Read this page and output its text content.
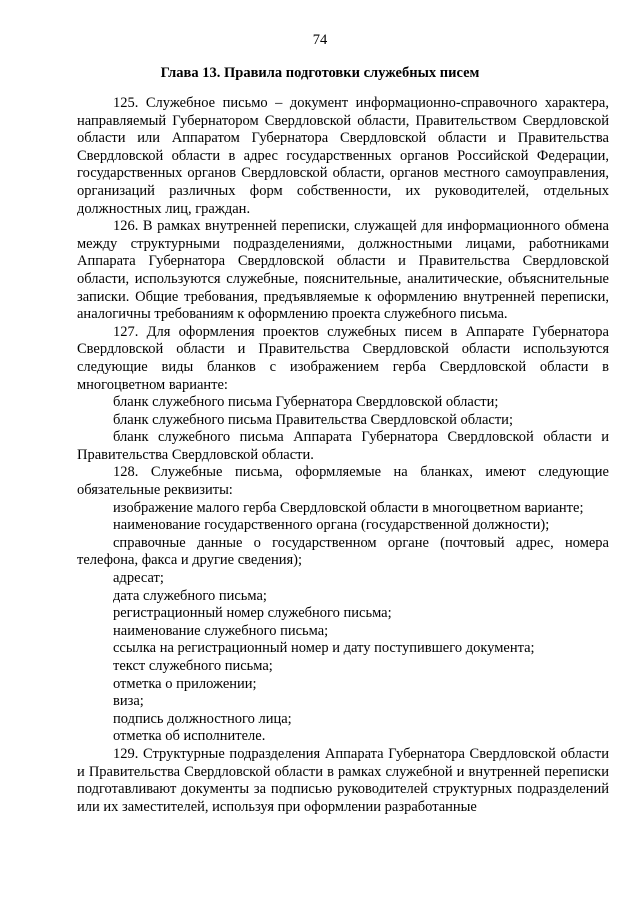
74
Глава 13. Правила подготовки служебных писем

125. Служебное письмо – документ информационно-справочного характера, направляемый Губернатором Свердловской области, Правительством Свердловской области или Аппаратом Губернатора Свердловской области и Правительства Свердловской области в адрес государственных органов Российской Федерации, государственных органов Свердловской области, органов местного самоуправления, организаций различных форм собственности, их руководителей, отдельных должностных лиц, граждан.

126. В рамках внутренней переписки, служащей для информационного обмена между структурными подразделениями, должностными лицами, работниками Аппарата Губернатора Свердловской области и Правительства Свердловской области, используются служебные, пояснительные, аналитические, объяснительные записки. Общие требования, предъявляемые к оформлению внутренней переписки, аналогичны требованиям к оформлению проекта служебного письма.

127. Для оформления проектов служебных писем в Аппарате Губернатора Свердловской области и Правительства Свердловской области используются следующие виды бланков с изображением герба Свердловской области в многоцветном варианте:

бланк служебного письма Губернатора Свердловской области;

бланк служебного письма Правительства Свердловской области;

бланк служебного письма Аппарата Губернатора Свердловской области и Правительства Свердловской области.

128. Служебные письма, оформляемые на бланках, имеют следующие обязательные реквизиты:

изображение малого герба Свердловской области в многоцветном варианте;

наименование государственного органа (государственной должности);

справочные данные о государственном органе (почтовый адрес, номера телефона, факса и другие сведения);

адресат;

дата служебного письма;

регистрационный номер служебного письма;

наименование служебного письма;

ссылка на регистрационный номер и дату поступившего документа;

текст служебного письма;

отметка о приложении;

виза;

подпись должностного лица;

отметка об исполнителе.

129. Структурные подразделения Аппарата Губернатора Свердловской области и Правительства Свердловской области в рамках служебной и внутренней переписки подготавливают документы за подписью руководителей структурных подразделений или их заместителей, используя при оформлении разработанные
